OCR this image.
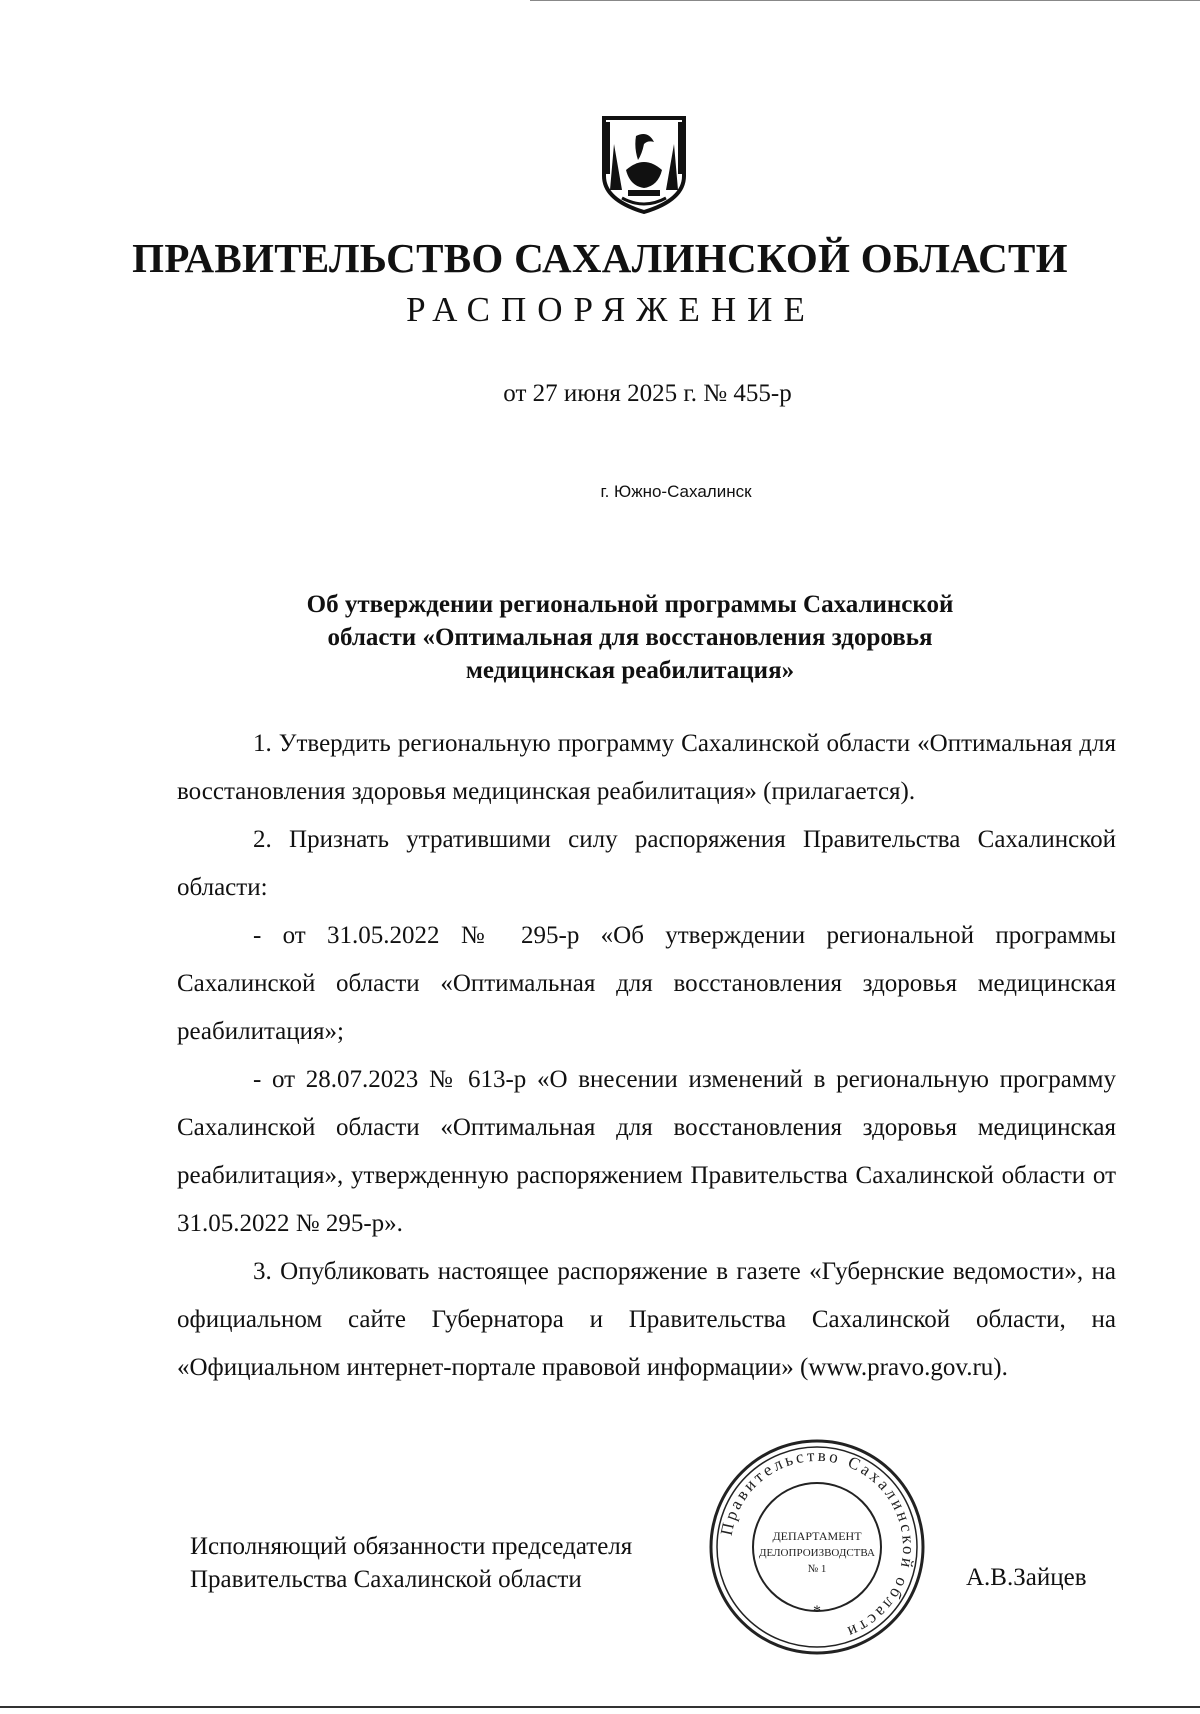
ПРАВИТЕЛЬСТВО САХАЛИНСКОЙ ОБЛАСТИ
РАСПОРЯЖЕНИЕ
от 27 июня 2025 г. № 455-р
г. Южно-Сахалинск
Об утверждении региональной программы Сахалинской
области «Оптимальная для восстановления здоровья
медицинская реабилитация»

1. Утвердить региональную программу Сахалинской области «Оптимальная для восстановления здоровья медицинская реабилитация» (прилагается).

2. Признать утратившими силу распоряжения Правительства Сахалинской области:

- от 31.05.2022 № 295-р «Об утверждении региональной программы Сахалинской области «Оптимальная для восстановления здоровья медицинская реабилитация»;

- от 28.07.2023 № 613-р «О внесении изменений в региональную программу Сахалинской области «Оптимальная для восстановления здоровья медицинская реабилитация», утвержденную распоряжением Правительства Сахалинской области от 31.05.2022 № 295-р».

3. Опубликовать настоящее распоряжение в газете «Губернские ведомости», на официальном сайте Губернатора и Правительства Сахалинской области, на «Официальном интернет-портале правовой информации» (www.pravo.gov.ru).

Исполняющий обязанности председателя
Правительства Сахалинской области	А.В.Зайцев
Правительство Сахалинской области
*
ДЕПАРТАМЕНТ
ДЕЛОПРОИЗВОДСТВА
№ 1
